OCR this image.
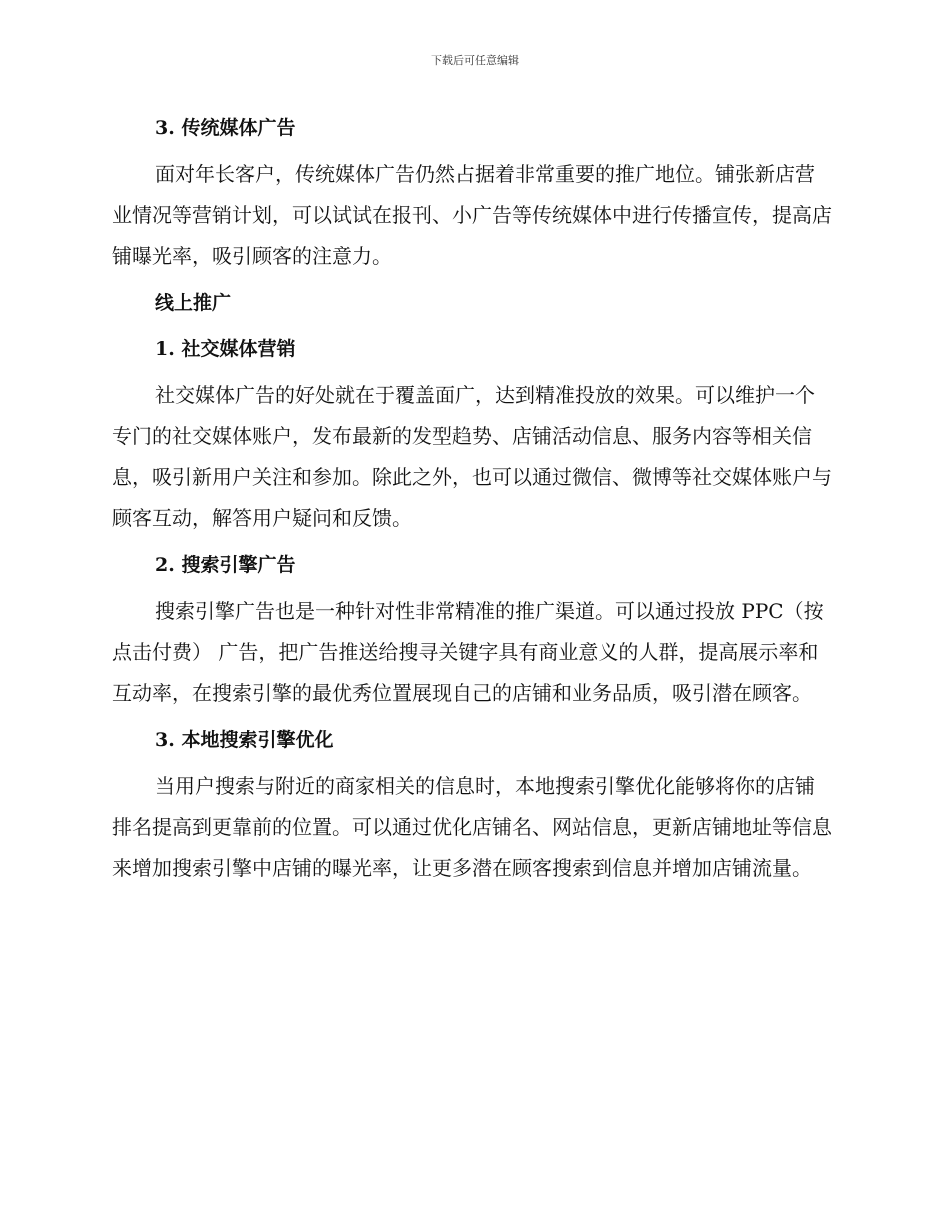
下载后可任意编辑
3. 传统媒体广告

面对年长客户，传统媒体广告仍然占据着非常重要的推广地位。铺张新店营业情况等营销计划，可以试试在报刊、小广告等传统媒体中进行传播宣传，提高店铺曝光率，吸引顾客的注意力。

线上推广
1. 社交媒体营销

社交媒体广告的好处就在于覆盖面广，达到精准投放的效果。可以维护一个专门的社交媒体账户，发布最新的发型趋势、店铺活动信息、服务内容等相关信息，吸引新用户关注和参加。除此之外，也可以通过微信、微博等社交媒体账户与顾客互动，解答用户疑问和反馈。

2. 搜索引擎广告

搜索引擎广告也是一种针对性非常精准的推广渠道。可以通过投放 PPC（按点击付费） 广告，把广告推送给搜寻关键字具有商业意义的人群，提高展示率和互动率，在搜索引擎的最优秀位置展现自己的店铺和业务品质，吸引潜在顾客。

3. 本地搜索引擎优化

当用户搜索与附近的商家相关的信息时，本地搜索引擎优化能够将你的店铺排名提高到更靠前的位置。可以通过优化店铺名、网站信息，更新店铺地址等信息来增加搜索引擎中店铺的曝光率，让更多潜在顾客搜索到信息并增加店铺流量。
